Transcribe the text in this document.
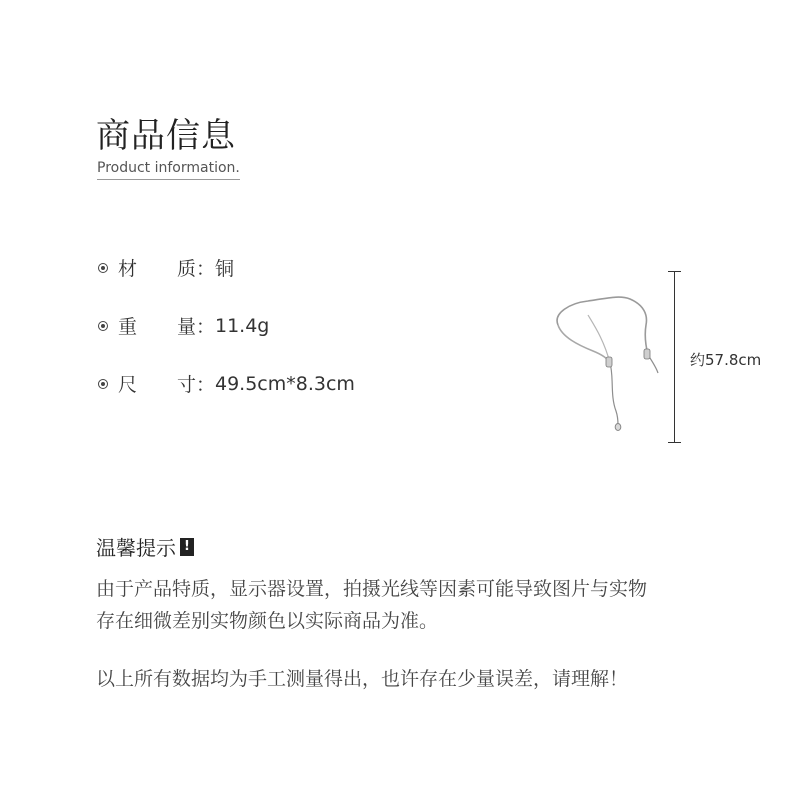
商品信息
Product information.
材 质： 铜
重 量： 11.4g
尺 寸： 49.5cm*8.3cm
约57.8cm
温馨提示 !
由于产品特质，显示器设置，拍摄光线等因素可能导致图片与实物
存在细微差别实物颜色以实际商品为准。
以上所有数据均为手工测量得出，也许存在少量误差，请理解！
